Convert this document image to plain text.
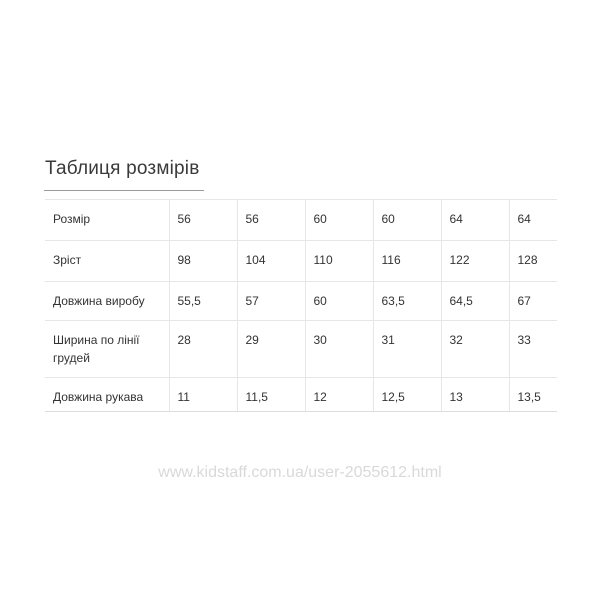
Таблиця розмірів
Розмір	56	56	60	60	64	64
Зріст	98	104	110	116	122	128
Довжина виробу	55,5	57	60	63,5	64,5	67
Ширина по лінії грудей	28	29	30	31	32	33
Довжина рукава	11	11,5	12	12,5	13	13,5
www.kidstaff.com.ua/user-2055612.html
